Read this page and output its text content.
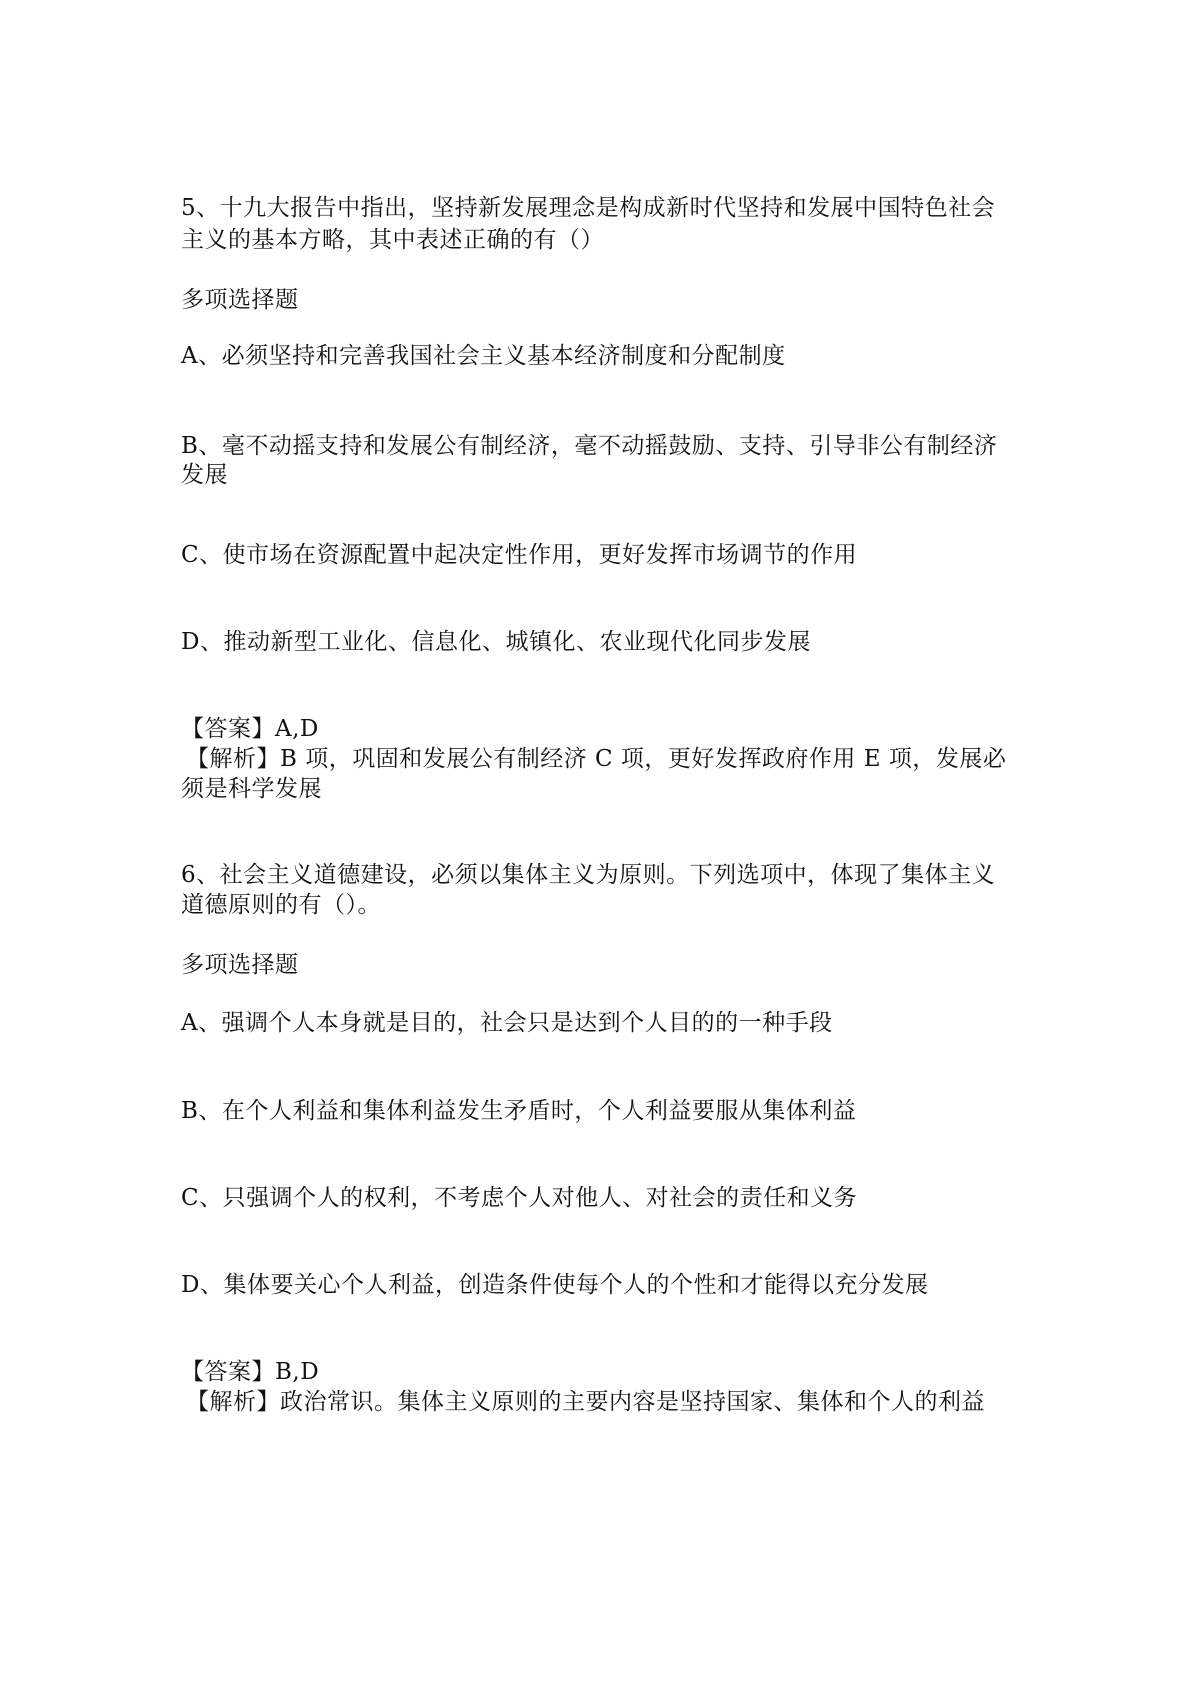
5、十九大报告中指出，坚持新发展理念是构成新时代坚持和发展中国特色社会
主义的基本方略，其中表述正确的有（）
多项选择题
A、必须坚持和完善我国社会主义基本经济制度和分配制度
B、毫不动摇支持和发展公有制经济，毫不动摇鼓励、支持、引导非公有制经济
发展
C、使市场在资源配置中起决定性作用，更好发挥市场调节的作用
D、推动新型工业化、信息化、城镇化、农业现代化同步发展
【答案】A,D
【解析】B 项，巩固和发展公有制经济 C 项，更好发挥政府作用 E 项，发展必
须是科学发展
6、社会主义道德建设，必须以集体主义为原则。下列选项中，体现了集体主义
道德原则的有（）。
多项选择题
A、强调个人本身就是目的，社会只是达到个人目的的一种手段
B、在个人利益和集体利益发生矛盾时，个人利益要服从集体利益
C、只强调个人的权利，不考虑个人对他人、对社会的责任和义务
D、集体要关心个人利益，创造条件使每个人的个性和才能得以充分发展
【答案】B,D
【解析】政治常识。集体主义原则的主要内容是坚持国家、集体和个人的利益
